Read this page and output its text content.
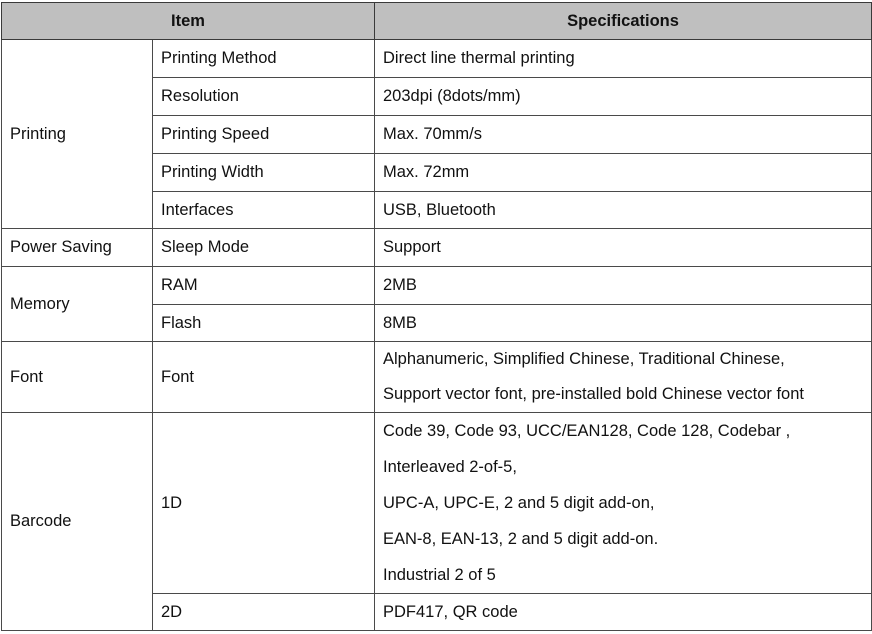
Item		Specifications
Printing	Printing Method	Direct line thermal printing
	Resolution	203dpi (8dots/mm)
	Printing Speed	Max. 70mm/s
	Printing Width	Max. 72mm
	Interfaces	USB, Bluetooth
Power Saving	Sleep Mode	Support
Memory	RAM	2MB
	Flash	8MB
Font	Font	Alphanumeric, Simplified Chinese, Traditional Chinese,
Support vector font, pre-installed bold Chinese vector font

Barcode	1D	Code 39, Code 93, UCC/EAN128, Code 128, Codebar ,
Interleaved 2-of-5,
UPC-A, UPC-E, 2 and 5 digit add-on,
EAN-8, EAN-13, 2 and 5 digit add-on.
Industrial 2 of 5

	2D	PDF417, QR code
